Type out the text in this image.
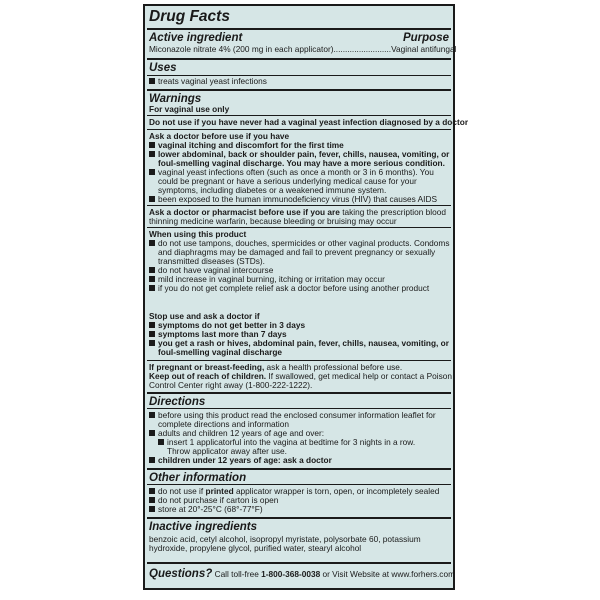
Drug Facts
Active ingredient	Purpose
Miconazole nitrate 4% (200 mg in each applicator).........................Vaginal antifungal
Uses
treats vaginal yeast infections
Warnings
For vaginal use only
Do not use if you have never had a vaginal yeast infection diagnosed by a doctor
Ask a doctor before use if you have
vaginal itching and discomfort for the first time
lower abdominal, back or shoulder pain, fever, chills, nausea, vomiting, or
foul-smelling vaginal discharge. You may have a more serious condition.
vaginal yeast infections often (such as once a month or 3 in 6 months). You
could be pregnant or have a serious underlying medical cause for your
symptoms, including diabetes or a weakened immune system.
been exposed to the human immunodeficiency virus (HIV) that causes AIDS
Ask a doctor or pharmacist before use if you are taking the prescription blood
thinning medicine warfarin, because bleeding or bruising may occur
When using this product
do not use tampons, douches, spermicides or other vaginal products. Condoms
and diaphragms may be damaged and fail to prevent pregnancy or sexually
transmitted diseases (STDs).
do not have vaginal intercourse
mild increase in vaginal burning, itching or irritation may occur
if you do not get complete relief ask a doctor before using another product
Stop use and ask a doctor if
symptoms do not get better in 3 days
symptoms last more than 7 days
you get a rash or hives, abdominal pain, fever, chills, nausea, vomiting, or
foul-smelling vaginal discharge
If pregnant or breast-feeding, ask a health professional before use.
Keep out of reach of children. If swallowed, get medical help or contact a Poison
Control Center right away (1-800-222-1222).
Directions
before using this product read the enclosed consumer information leaflet for
complete directions and information
adults and children 12 years of age and over:
insert 1 applicatorful into the vagina at bedtime for 3 nights in a row.
Throw applicator away after use.
children under 12 years of age: ask a doctor
Other information
do not use if printed applicator wrapper is torn, open, or incompletely sealed
do not purchase if carton is open
store at 20°-25°C (68°-77°F)
Inactive ingredients
benzoic acid, cetyl alcohol, isopropyl myristate, polysorbate 60, potassium
hydroxide, propylene glycol, purified water, stearyl alcohol
Questions? Call toll-free 1-800-368-0038 or Visit Website at www.forhers.com
